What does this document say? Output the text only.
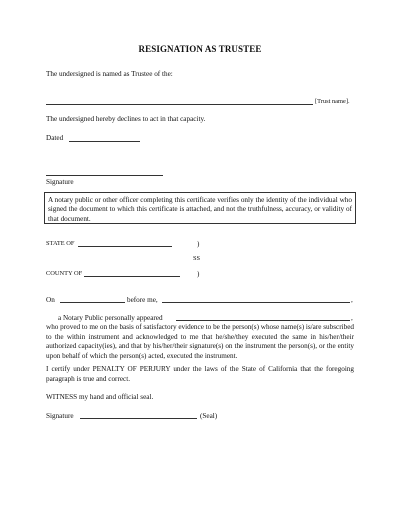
RESIGNATION AS TRUSTEE
The undersigned is named as Trustee of the:
[Trust name].
The undersigned hereby declines to act in that capacity.
Dated
Signature
A notary public or other officer completing this certificate verifies only the identity of the individual who signed the document to which this certificate is attached, and not the truthfulness, accuracy, or validity of that document.
STATE OF	)
SS
COUNTY OF	)
On	before me,	,
a Notary Public personally appeared	,
who proved to me on the basis of satisfactory evidence to be the person(s) whose name(s) is/are subscribed to the within instrument and acknowledged to me that he/she/they executed the same in his/her/their authorized capacity(ies), and that by his/her/their signature(s) on the instrument the person(s), or the entity upon behalf of which the person(s) acted, executed the instrument.
I certify under PENALTY OF PERJURY under the laws of the State of California that the foregoing paragraph is true and correct.
WITNESS my hand and official seal.
Signature	(Seal)
